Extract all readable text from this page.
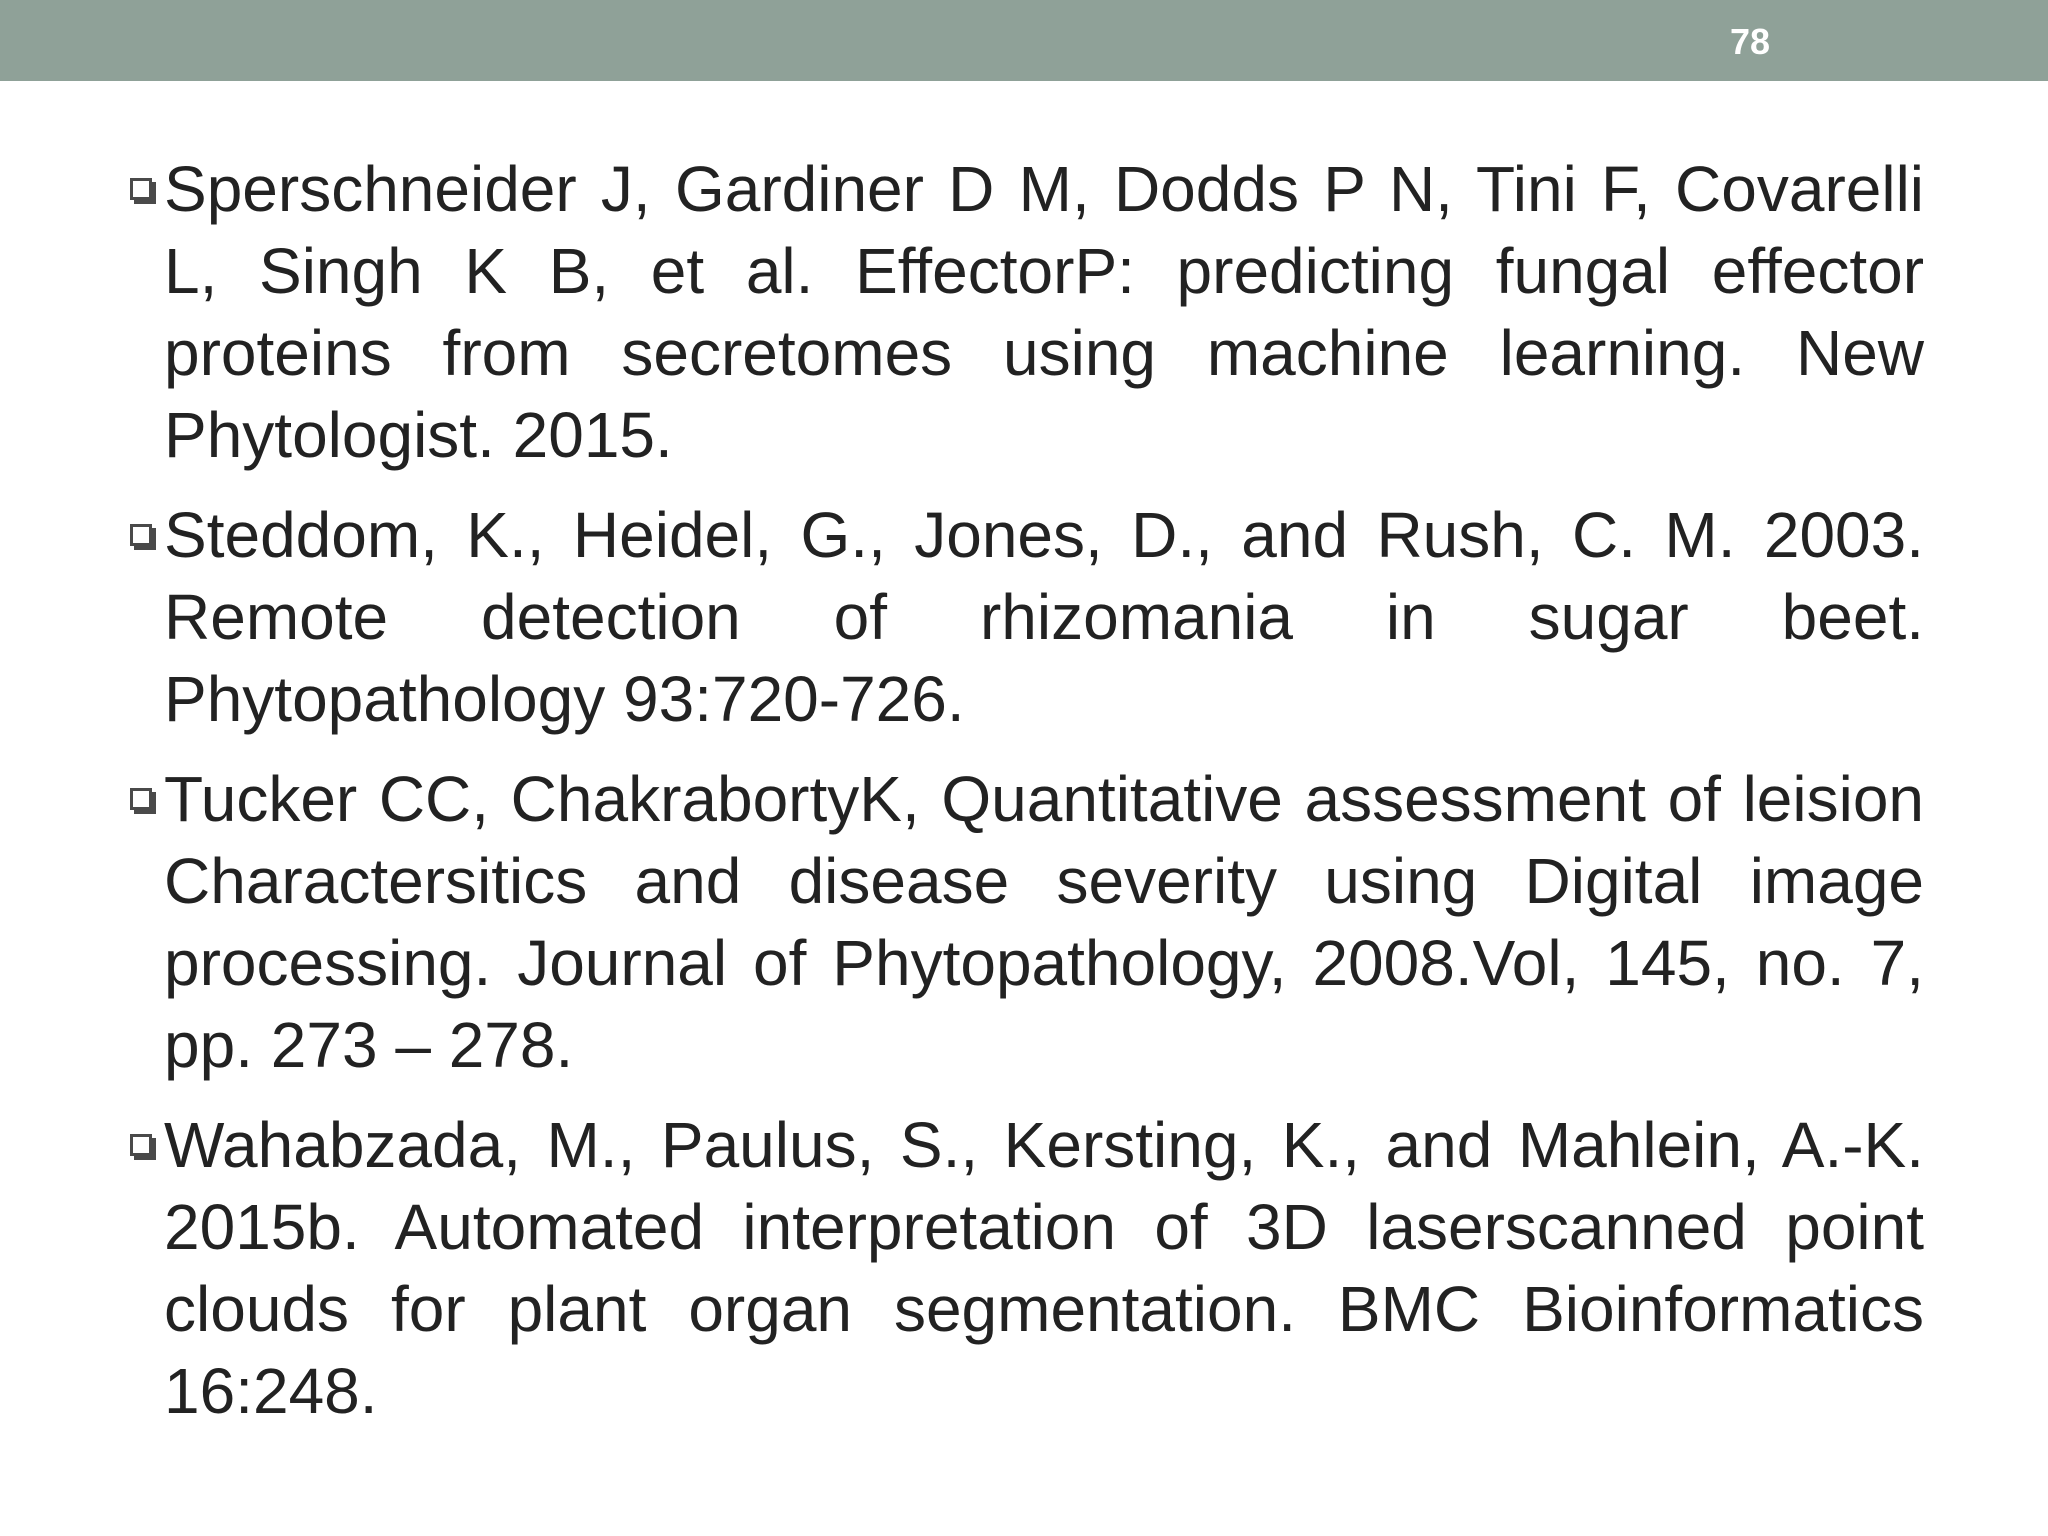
78
Sperschneider J, Gardiner D M, Dodds P N, Tini F, Covarelli L, Singh K B, et al. EffectorP: predicting fungal effector proteins from secretomes using machine learning. New Phytologist. 2015.
Steddom, K., Heidel, G., Jones, D., and Rush, C. M. 2003. Remote detection of rhizomania in sugar beet. Phytopathology 93:720-726.
Tucker CC, ChakrabortyK, Quantitative assessment of leision Charactersitics and disease severity using Digital image processing. Journal of Phytopathology, 2008.Vol, 145, no. 7, pp. 273 – 278.
Wahabzada, M., Paulus, S., Kersting, K., and Mahlein, A.-K. 2015b. Automated interpretation of 3D laserscanned point clouds for plant organ segmentation. BMC Bioinformatics 16:248.
